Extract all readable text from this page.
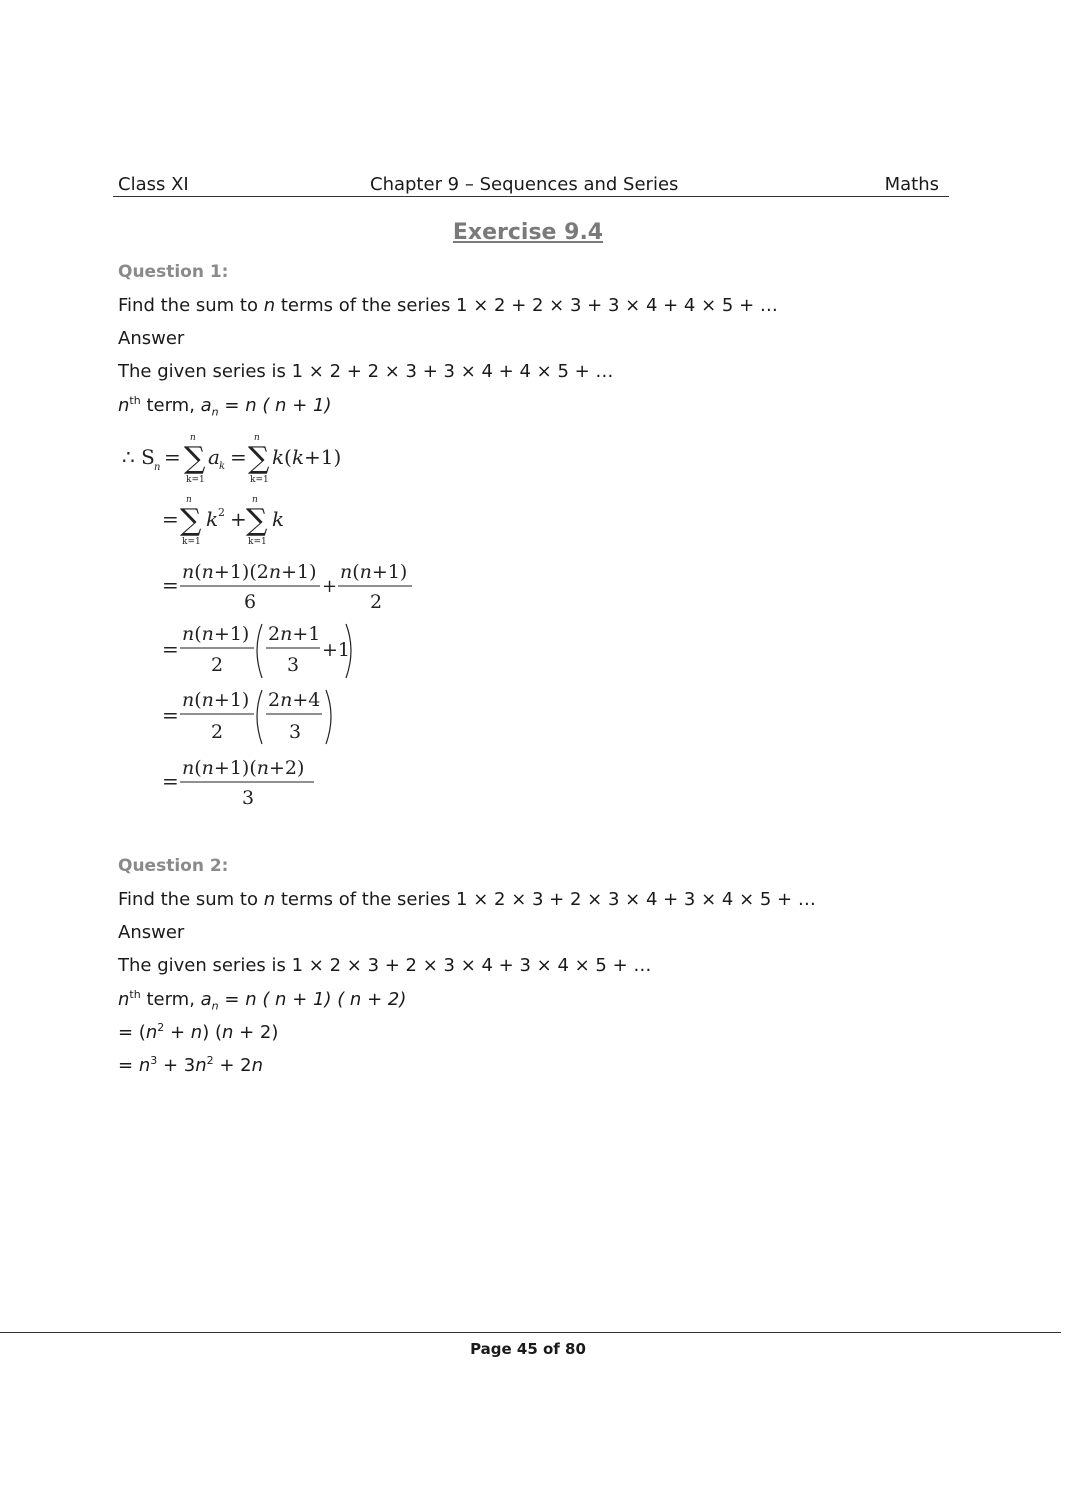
Class XI	Chapter 9 – Sequences and Series	Maths
Exercise 9.4
Question 1:
Find the sum to n terms of the series 1 × 2 + 2 × 3 + 3 × 4 + 4 × 5 + …
Answer
The given series is 1 × 2 + 2 × 3 + 3 × 4 + 4 × 5 + …
$n^{th}$ term, $a_n = n$ ( n + 1)
∴ S n = ∑
n
k=1
a k = ∑
n
k=1
k ( k +1)
= ∑
n
k=1
k 2 + ∑
n
k=1
k
=
n(n+1)(2n+1)
6
+
n(n+1)
2
=
n(n+1)
2
2n+1
3
+1
=
n(n+1)
2
2n+4
3
=
n(n+1)(n+2)
3
Question 2:
Find the sum to n terms of the series 1 × 2 × 3 + 2 × 3 × 4 + 3 × 4 × 5 + …
Answer
The given series is 1 × 2 × 3 + 2 × 3 × 4 + 3 × 4 × 5 + …
$n^{th}$ term, $a_n = n$ ( n + 1) ( n + 2)
= $(n^2 + n) (n + 2)$
= $n^3 + 3n^2 + 2n$
Page 45 of 80
